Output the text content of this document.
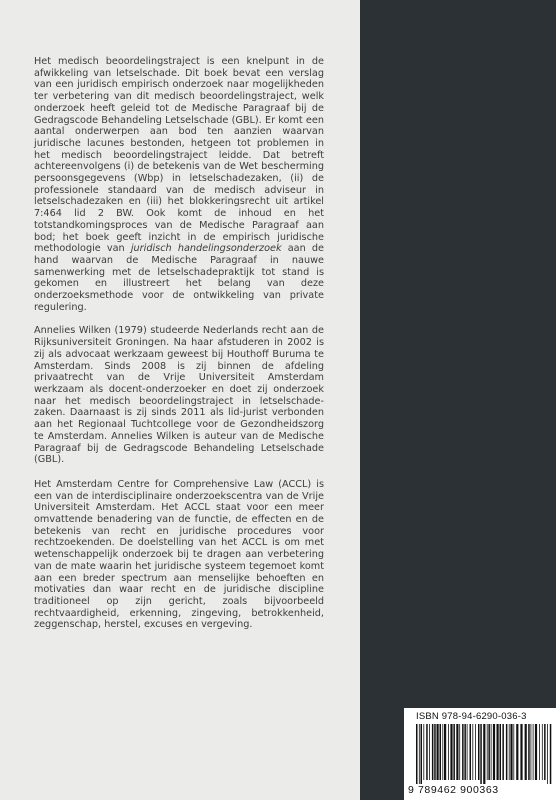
Het medisch beoordelingstraject is een knelpunt in de afwikkeling van letselschade. Dit boek bevat een verslag van een juridisch empirisch onderzoek naar mogelijkheden ter verbetering van dit medisch beoordelingstraject, welk onderzoek heeft geleid tot de Medische Paragraaf bij de Gedragscode Behandeling Letselschade (GBL). Er komt een aantal onderwerpen aan bod ten aanzien waarvan juridische lacunes bestonden, hetgeen tot problemen in het medisch beoordelingstraject leidde. Dat betreft achtereenvolgens (i) de betekenis van de Wet bescherming persoonsgegevens (Wbp) in letselschadezaken, (ii) de professionele standaard van de medisch adviseur in letselschadezaken en (iii) het blokkeringsrecht uit artikel 7:464 lid 2 BW. Ook komt de inhoud en het totstandkomingsproces van de Medische Paragraaf aan bod; het boek geeft inzicht in de empirisch juridische methodologie van juridisch handelingsonderzoek aan de hand waarvan de Medische Paragraaf in nauwe samenwerking met de letselschadepraktijk tot stand is gekomen en illustreert het belang van deze onderzoeksmethode voor de ontwikkeling van private regulering.

Annelies Wilken (1979) studeerde Nederlands recht aan de Rijksuniversiteit Groningen. Na haar afstuderen in 2002 is zij als advocaat werkzaam geweest bij Houthoff Buruma te Amsterdam. Sinds 2008 is zij binnen de afdeling privaatrecht van de Vrije Universiteit Amsterdam werkzaam als docent-onderzoeker en doet zij onderzoek naar het medisch beoordelingstraject in letselschade-zaken. Daarnaast is zij sinds 2011 als lid-jurist verbonden aan het Regionaal Tuchtcollege voor de Gezondheidszorg te Amsterdam. Annelies Wilken is auteur van de Medische Paragraaf bij de Gedragscode Behandeling Letselschade (GBL).

Het Amsterdam Centre for Comprehensive Law (ACCL) is een van de interdisciplinaire onderzoekscentra van de Vrije Universiteit Amsterdam. Het ACCL staat voor een meer omvattende benadering van de functie, de effecten en de betekenis van recht en juridische procedures voor rechtzoekenden. De doelstelling van het ACCL is om met wetenschappelijk onderzoek bij te dragen aan verbetering van de mate waarin het juridische systeem tegemoet komt aan een breder spectrum aan menselijke behoeften en motivaties dan waar recht en de juridische discipline traditioneel op zijn gericht, zoals bijvoorbeeld rechtvaardigheid, erkenning, zingeving, betrokkenheid, zeggenschap, herstel, excuses en vergeving.

ISBN 978-94-6290-036-3
9 789462 900363
